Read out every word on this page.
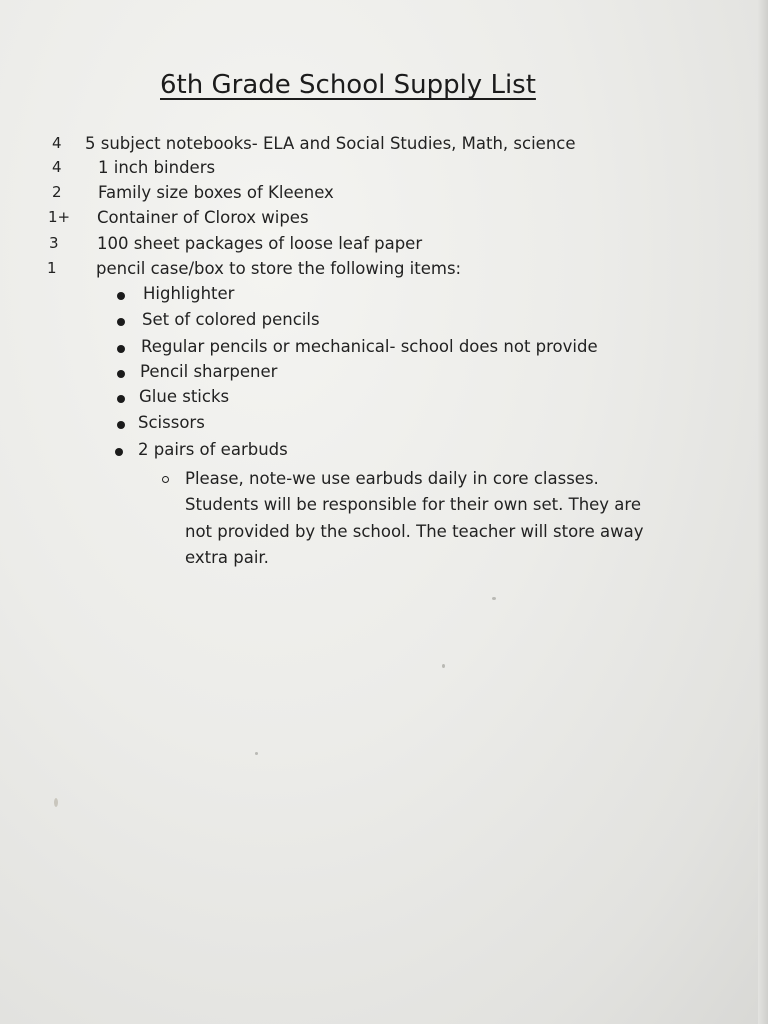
6th Grade School Supply List
4 5 subject notebooks- ELA and Social Studies, Math, science
4 1 inch binders
2 Family size boxes of Kleenex
1+ Container of Clorox wipes
3 100 sheet packages of loose leaf paper
1 pencil case/box to store the following items:
Highlighter
Set of colored pencils
Regular pencils or mechanical- school does not provide
Pencil sharpener
Glue sticks
Scissors
2 pairs of earbuds
Please, note-we use earbuds daily in core classes.
Students will be responsible for their own set. They are
not provided by the school. The teacher will store away
extra pair.
